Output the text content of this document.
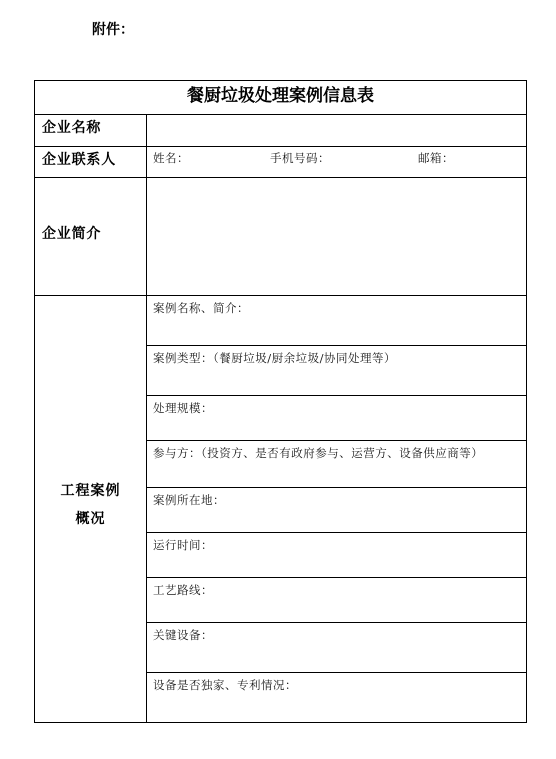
附件：
餐厨垃圾处理案例信息表
企业名称
企业联系人	姓名：	手机号码：	邮箱：
企业简介
工程案例
概况
案例名称、简介：
案例类型：（餐厨垃圾/厨余垃圾/协同处理等）
处理规模：
参与方：（投资方、是否有政府参与、运营方、设备供应商等）
案例所在地：
运行时间：
工艺路线：
关键设备：
设备是否独家、专利情况：
